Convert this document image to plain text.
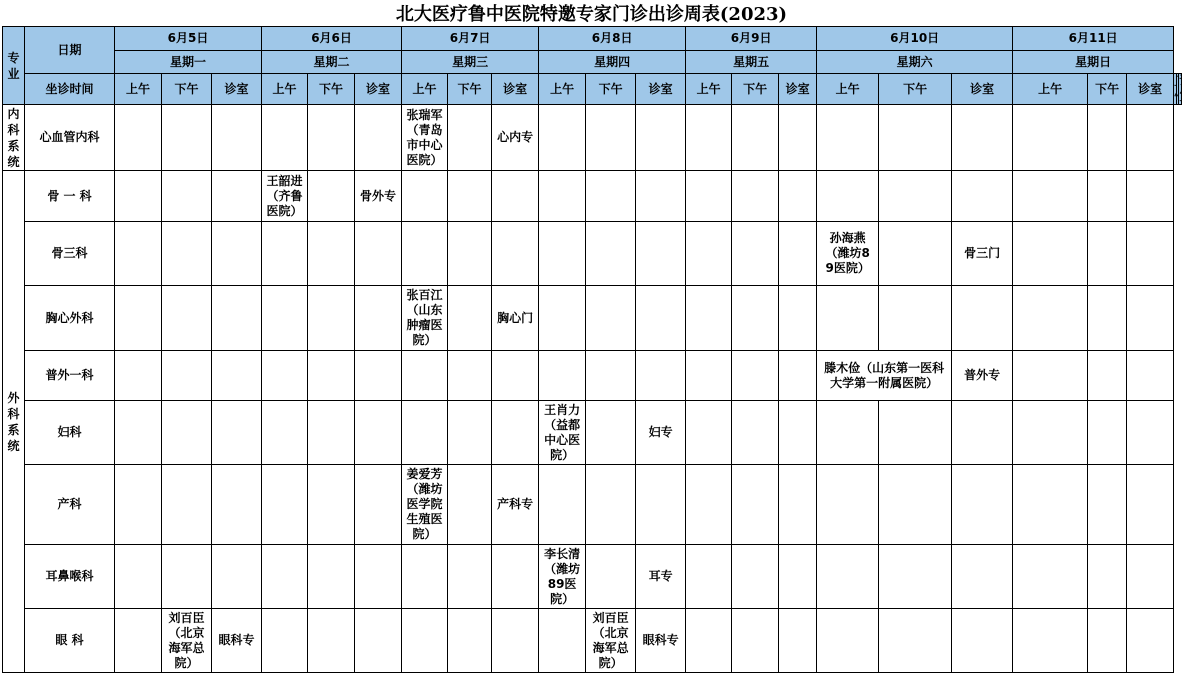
北大医疗鲁中医院特邀专家门诊出诊周表(2023)
专业	日期	6月5日			6月6日			6月7日			6月8日			6月9日			6月10日			6月11日					
		星期一			星期二			星期三			星期四			星期五			星期六			星期日					
	坐诊时间	上午	下午	诊室	上午	下午	诊室	上午	下午	诊室	上午	下午	诊室	上午	下午	诊室	上午	下午	诊室	上午	下午	诊室			

内科系统	心血管内科							张瑞军（青岛市中心医院）		心内专															

外科系统	骨 一 科				王韶进（齐鲁医院）		骨外专																		
	骨三科																孙海燕（潍坊89医院）		骨三门						
	胸心外科							张百江（山东肿瘤医院）		胸心门															
	普外一科																滕木俭（山东第一医科大学第一附属医院）		普外专						
	妇科										王肖力（益都中心医院）		妇专												
	产科							姜爱芳（潍坊医学院生殖医院）		产科专															
	耳鼻喉科										李长清（潍坊89医院）		耳专												
	眼 科		刘百臣（北京海军总院）	眼科专								刘百臣（北京海军总院）	眼科专												
